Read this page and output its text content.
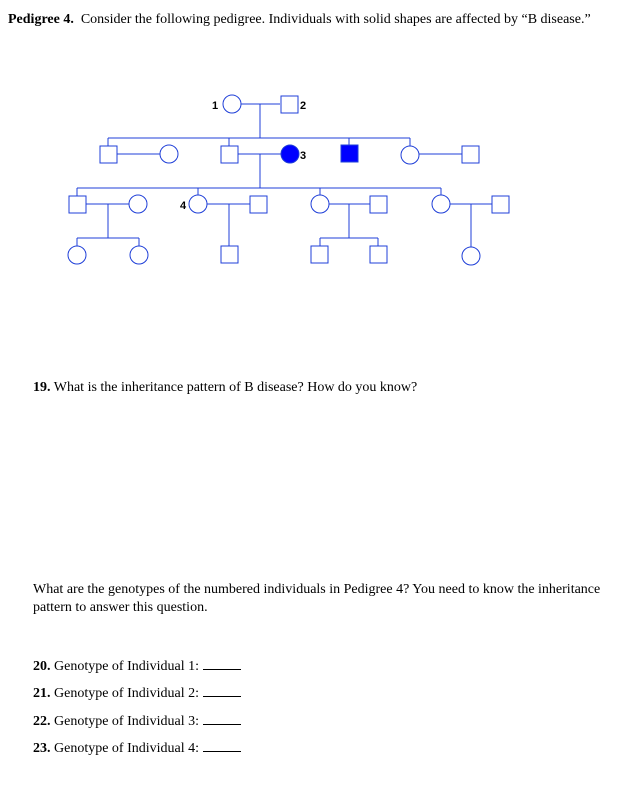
Pedigree 4. Consider the following pedigree. Individuals with solid shapes are affected by “B disease.”
1	2
3
4
19. What is the inheritance pattern of B disease? How do you know?
What are the genotypes of the numbered individuals in Pedigree 4? You need to know the inheritance pattern to answer this question.
20. Genotype of Individual 1:
21. Genotype of Individual 2:
22. Genotype of Individual 3:
23. Genotype of Individual 4:
